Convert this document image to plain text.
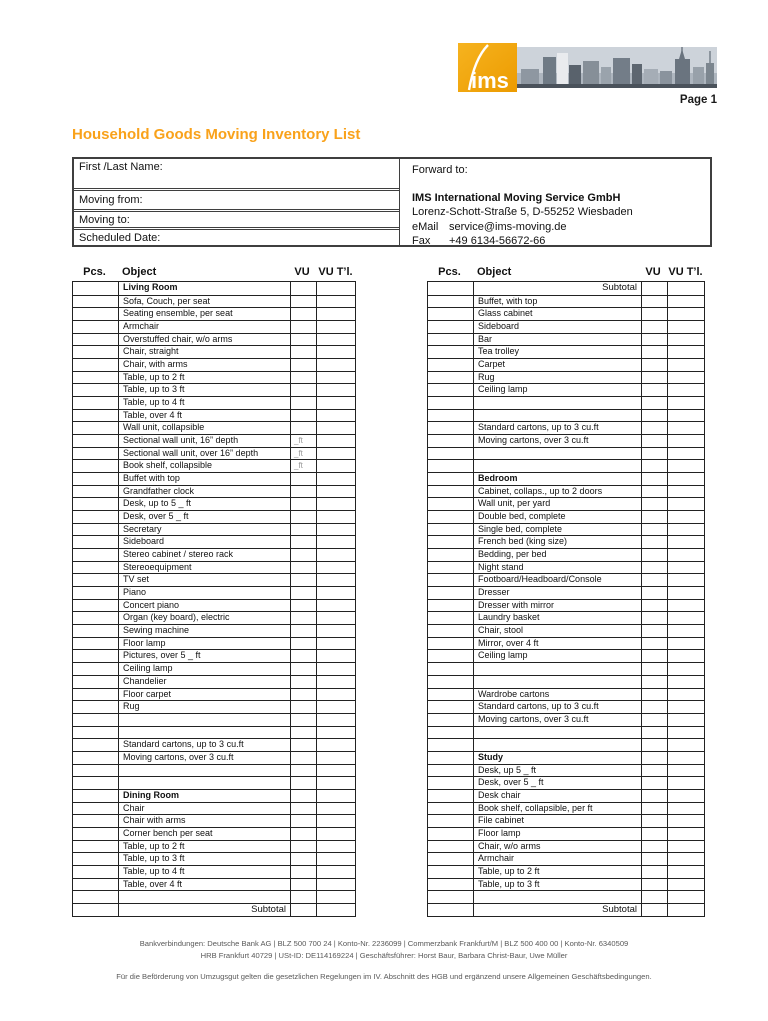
ims
Page 1
Household Goods Moving Inventory List
First /Last Name:
Moving from:
Moving to:
Scheduled Date:
Forward to:
IMS International Moving Service GmbH
Lorenz-Schott-Straße 5, D-55252 Wiesbaden
eMail service@ims-moving.de
Fax +49 6134-56672-66
Pcs.	Object	VU VU T’l.
Living Room
Sofa, Couch, per seat
Seating ensemble, per seat
Armchair
Overstuffed chair, w/o arms
Chair, straight
Chair, with arms
Table, up to 2 ft
Table, up to 3 ft
Table, up to 4 ft
Table, over 4 ft
Wall unit, collapsible
Sectional wall unit, 16” depth	_ft
Sectional wall unit, over 16” depth	_ft
Book shelf, collapsible	_ft
Buffet with top
Grandfather clock
Desk, up to 5 _ ft
Desk, over 5 _ ft
Secretary
Sideboard
Stereo cabinet / stereo rack
Stereoequipment
TV set
Piano
Concert piano
Organ (key board), electric
Sewing machine
Floor lamp
Pictures, over 5 _ ft
Ceiling lamp
Chandelier
Floor carpet
Rug
Standard cartons, up to 3 cu.ft
Moving cartons, over 3 cu.ft
Dining Room
Chair
Chair with arms
Corner bench per seat
Table, up to 2 ft
Table, up to 3 ft
Table, up to 4 ft
Table, over 4 ft
Subtotal
Pcs.	Object	VU VU T’l.
Subtotal
Buffet, with top
Glass cabinet
Sideboard
Bar
Tea trolley
Carpet
Rug
Ceiling lamp
Standard cartons, up to 3 cu.ft
Moving cartons, over 3 cu.ft
Bedroom
Cabinet, collaps., up to 2 doors
Wall unit, per yard
Double bed, complete
Single bed, complete
French bed (king size)
Bedding, per bed
Night stand
Footboard/Headboard/Console
Dresser
Dresser with mirror
Laundry basket
Chair, stool
Mirror, over 4 ft
Ceiling lamp
Wardrobe cartons
Standard cartons, up to 3 cu.ft
Moving cartons, over 3 cu.ft
Study
Desk, up 5 _ ft
Desk, over 5 _ ft
Desk chair
Book shelf, collapsible, per ft
File cabinet
Floor lamp
Chair, w/o arms
Armchair
Table, up to 2 ft
Table, up to 3 ft
Subtotal
Bankverbindungen: Deutsche Bank AG | BLZ 500 700 24 | Konto-Nr. 2236099 | Commerzbank Frankfurt/M | BLZ 500 400 00 | Konto-Nr. 6340509
HRB Frankfurt 40729 | USt-ID: DE114169224 | Geschäftsführer: Horst Baur, Barbara Christ-Baur, Uwe Müller
Für die Beförderung von Umzugsgut gelten die gesetzlichen Regelungen im IV. Abschnitt des HGB und ergänzend unsere Allgemeinen Geschäftsbedingungen.
